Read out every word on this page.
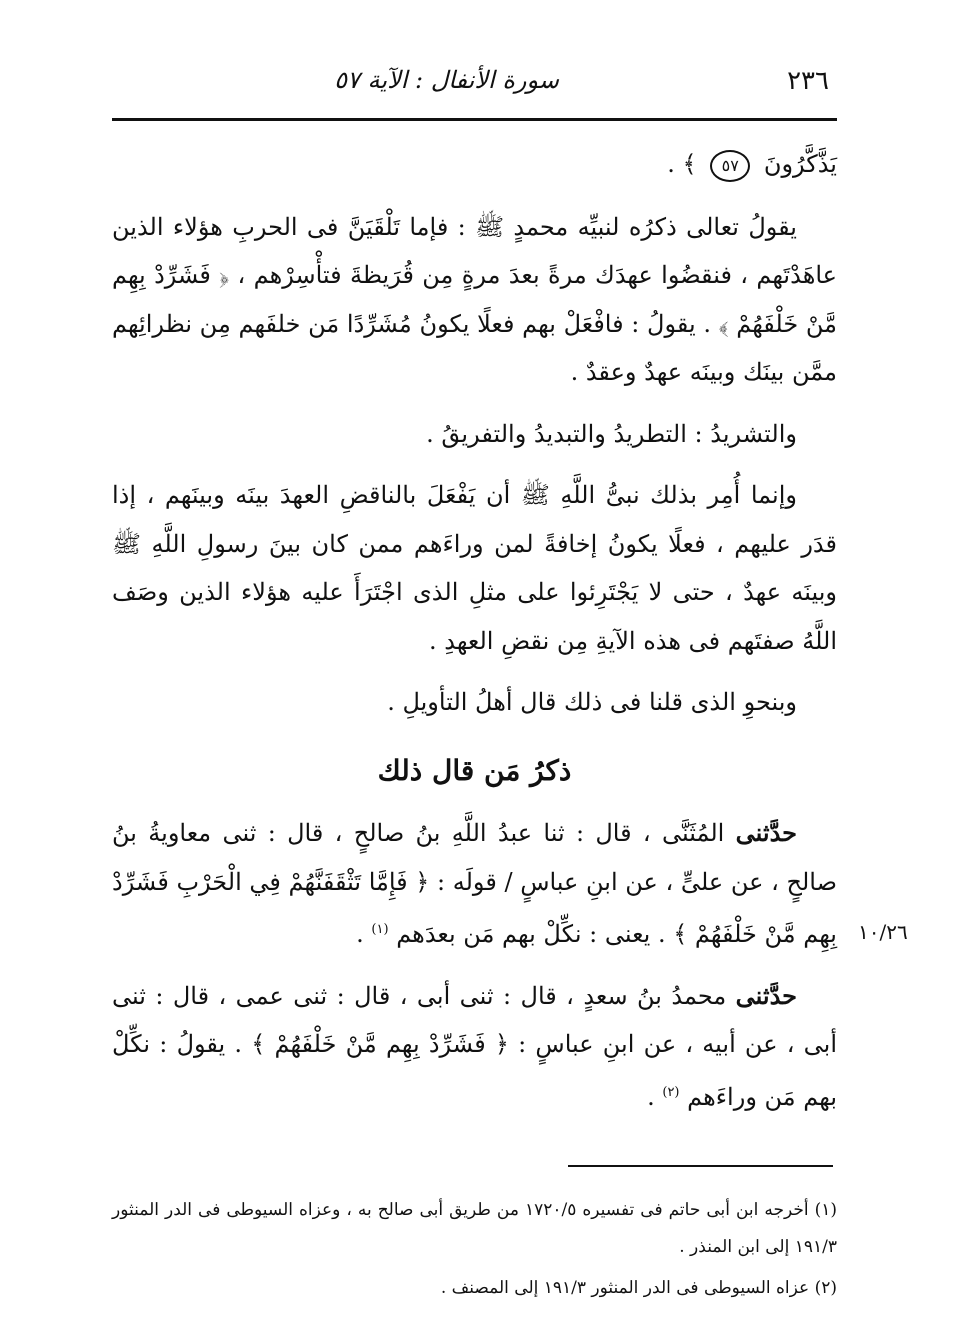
٢٣٦
سورة الأنفال : الآية ٥٧

يَذَّكَّرُونَ ٥٧ ﴾ .

يقولُ تعالى ذكرُه لنبيِّه محمدٍ ﷺ : فإما تَلْقَيَنَّ فى الحربِ هؤلاء الذين عاهَدْتَهم ، فنقضُوا عهدَك مرةً بعدَ مرةٍ مِن قُرَيظةَ فتأْسِرْهم ، ﴿ فَشَرِّدْ بِهِم مَّنْ خَلْفَهُمْ ﴾ . يقولُ : فافْعَلْ بهم فعلًا يكونُ مُشَرِّدًا مَن خلفَهم مِن نظرائِهم ممَّن بينَك وبينَه عهدٌ وعقدٌ .

والتشريدُ : التطريدُ والتبديدُ والتفريقُ .

وإنما أُمِر بذلك نبىُّ اللَّهِ ﷺ أن يَفْعَلَ بالناقضِ العهدَ بينَه وبينَهم ، إذا قدَر عليهم ، فعلًا يكونُ إخافةً لمن وراءَهم ممن كان بينَ رسولِ اللَّهِ ﷺ وبينَه عهدٌ ، حتى لا يَجْتَرِئوا على مثلِ الذى اجْتَرَأَ عليه هؤلاء الذين وصَف اللَّهُ صفتَهم فى هذه الآيةِ مِن نقضِ العهدِ .

وبنحوِ الذى قلنا فى ذلك قال أهلُ التأويلِ .

ذكرُ مَن قال ذلك

حدَّثنى المُثَنَّى ، قال : ثنا عبدُ اللَّهِ بنُ صالحٍ ، قال : ثنى معاويةُ بنُ صالحٍ ، عن علىٍّ ، عن ابنِ عباسٍ / قولَه : ﴿ فَإِمَّا تَثْقَفَنَّهُمْ فِي الْحَرْبِ فَشَرِّدْ بِهِم مَّنْ خَلْفَهُمْ ﴾ . يعنى : نكِّلْ بهم مَن بعدَهم $^{(١)}$ .

حدَّثنى محمدُ بنُ سعدٍ ، قال : ثنى أبى ، قال : ثنى عمى ، قال : ثنى أبى ، عن أبيه ، عن ابنِ عباسٍ : ﴿ فَشَرِّدْ بِهِم مَّنْ خَلْفَهُمْ ﴾ . يقولُ : نكِّلْ بهم مَن وراءَهم $^{(٢)}$ .

١٠/٢٦

(١) أخرجه ابن أبى حاتم فى تفسيره ١٧٢٠/٥ من طريق أبى صالح به ، وعزاه السيوطى فى الدر المنثور ١٩١/٣ إلى ابن المنذر .

(٢) عزاه السيوطى فى الدر المنثور ١٩١/٣ إلى المصنف .
